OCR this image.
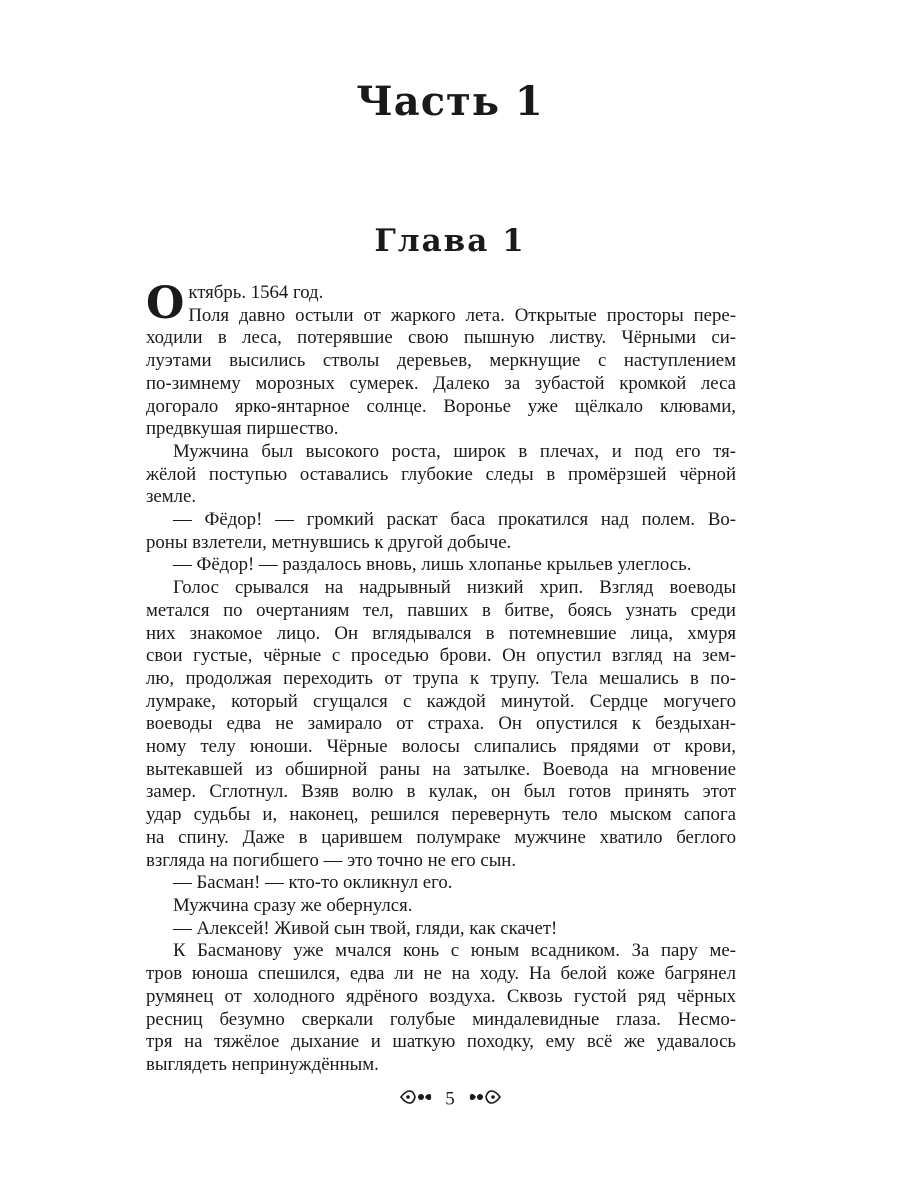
Часть 1
Глава 1
Октябрь. 1564 год.
Поля давно остыли от жаркого лета. Открытые просторы пере-
ходили в леса, потерявшие свою пышную листву. Чёрными си-
луэтами высились стволы деревьев, меркнущие с наступлением
по-зимнему морозных сумерек. Далеко за зубастой кромкой леса
догорало ярко-янтарное солнце. Воронье уже щёлкало клювами,
предвкушая пиршество.
Мужчина был высокого роста, широк в плечах, и под его тя-
жёлой поступью оставались глубокие следы в промёрзшей чёрной
земле.
— Фёдор! — громкий раскат баса прокатился над полем. Во-
роны взлетели, метнувшись к другой добыче.
— Фёдор! — раздалось вновь, лишь хлопанье крыльев улеглось.
Голос срывался на надрывный низкий хрип. Взгляд воеводы
метался по очертаниям тел, павших в битве, боясь узнать среди
них знакомое лицо. Он вглядывался в потемневшие лица, хмуря
свои густые, чёрные с проседью брови. Он опустил взгляд на зем-
лю, продолжая переходить от трупа к трупу. Тела мешались в по-
лумраке, который сгущался с каждой минутой. Сердце могучего
воеводы едва не замирало от страха. Он опустился к бездыхан-
ному телу юноши. Чёрные волосы слипались прядями от крови,
вытекавшей из обширной раны на затылке. Воевода на мгновение
замер. Сглотнул. Взяв волю в кулак, он был готов принять этот
удар судьбы и, наконец, решился перевернуть тело мыском сапога
на спину. Даже в царившем полумраке мужчине хватило беглого
взгляда на погибшего — это точно не его сын.
— Басман! — кто-то окликнул его.
Мужчина сразу же обернулся.
— Алексей! Живой сын твой, гляди, как скачет!
К Басманову уже мчался конь с юным всадником. За пару ме-
тров юноша спешился, едва ли не на ходу. На белой коже багрянел
румянец от холодного ядрёного воздуха. Сквозь густой ряд чёрных
ресниц безумно сверкали голубые миндалевидные глаза. Несмо-
тря на тяжёлое дыхание и шаткую походку, ему всё же удавалось
выглядеть непринуждённым.
5
